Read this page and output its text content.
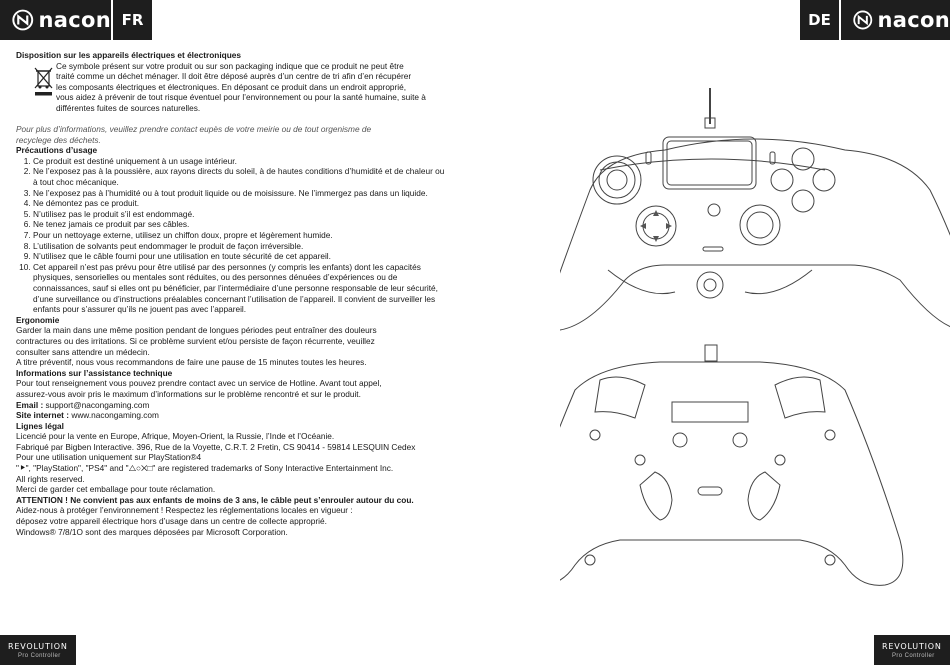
nacon FR	DE	nacon

Disposition sur les appareils électriques et électroniques

Ce symbole présent sur votre produit ou sur son packaging indique que ce produit ne peut être

traité comme un déchet ménager. Il doit être déposé auprès d’un centre de tri afin d’en récupérer

les composants électriques et électroniques. En déposant ce produit dans un endroit approprié,

vous aidez à prévenir de tout risque éventuel pour l’environnement ou pour la santé humaine, suite à

différentes fuites de sources naturelles.

Pour plus d’informations, veuillez prendre contact eupès de votre meirie ou de tout orgenisme de

recyclege des déchets.

Précautions d’usage

1. Ce produit est destiné uniquement à un usage intérieur.
2. Ne l’exposez pas à la poussière, aux rayons directs du soleil, à de hautes conditions d’humidité et de chaleur ou à tout choc mécanique.
3. Ne l’exposez pas à l’humidité ou à tout produit liquide ou de moisissure. Ne l’immergez pas dans un liquide.
4. Ne démontez pas ce produit.
5. N’utilisez pas le produit s’il est endommagé.
6. Ne tenez jamais ce produit par ses câbles.
7. Pour un nettoyage externe, utilisez un chiffon doux, propre et légèrement humide.
8. L’utilisation de solvants peut endommager le produit de façon irréversible.
9. N’utilisez que le câble fourni pour une utilisation en toute sécurité de cet appareil.
10. Cet appareil n’est pas prévu pour être utilisé par des personnes (y compris les enfants) dont les capacités physiques, sensorielles ou mentales sont réduites, ou des personnes dénuées d’expériences ou de connaissances, sauf si elles ont pu bénéficier, par l’intermédiaire d’une personne responsable de leur sécurité, d’une surveillance ou d’instructions préalables concernant l’utilisation de l’appareil. Il convient de surveiller les enfants pour s’assurer qu’ils ne jouent pas avec l’appareil.

Ergonomie

Garder la main dans une même position pendant de longues périodes peut entraîner des douleurs

contractures ou des irritations. Si ce problème survient et/ou persiste de façon récurrente, veuillez

consulter sans attendre un médecin.

A titre préventif, nous vous recommandons de faire une pause de 15 minutes toutes les heures.

Informations sur l’assistance technique

Pour tout renseignement vous pouvez prendre contact avec un service de Hotline. Avant tout appel,

assurez-vous avoir pris le maximum d’informations sur le problème rencontré et sur le produit.

Email : support@nacongaming.com

Site internet : www.nacongaming.com

Lignes légal

Licencié pour la vente en Europe, Afrique, Moyen-Orient, la Russie, l’Inde et l’Océanie.

Fabriqué par Bigben Interactive. 396, Rue de la Voyette, C.R.T. 2 Fretin, CS 90414 - 59814 LESQUIN Cedex

Pour une utilisation uniquement sur PlayStation®4

"⯈", "PlayStation", "PS4" and "△○✕□" are registered trademarks of Sony Interactive Entertainment Inc.

All rights reserved.

Merci de garder cet emballage pour toute réclamation.

ATTENTION ! Ne convient pas aux enfants de moins de 3 ans, le câble peut s’enrouler autour du cou.

Aidez-nous à protéger l’environnement ! Respectez les réglementations locales en vigueur :

déposez votre appareil électrique hors d’usage dans un centre de collecte approprié.

Windows® 7/8/1O sont des marques déposées par Microsoft Corporation.

REVOLUTION
Pro Controller
REVOLUTION
Pro Controller
